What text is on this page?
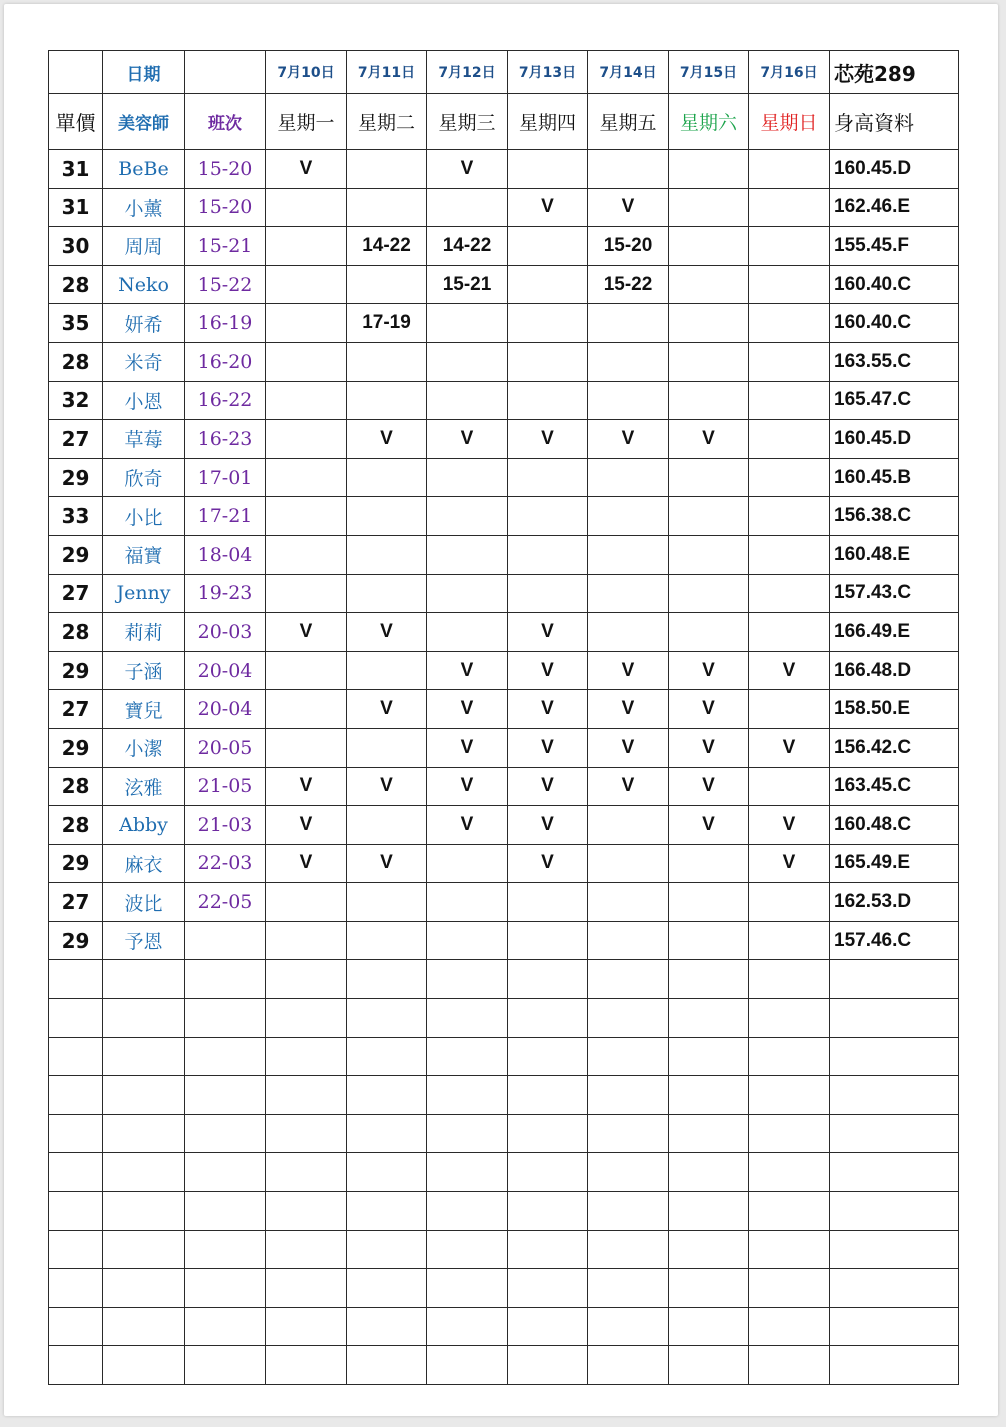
	日期		7月10日	7月11日	7月12日	7月13日	7月14日	7月15日	7月16日	芯苑289
單價	美容師	班次	星期一	星期二	星期三	星期四	星期五	星期六	星期日	身高資料
31	BeBe	15-20	V		V					160.45.D
31	小薰	15-20				V	V			162.46.E
30	周周	15-21		14-22	14-22		15-20			155.45.F
28	Neko	15-22			15-21		15-22			160.40.C
35	妍希	16-19		17-19						160.40.C
28	米奇	16-20								163.55.C
32	小恩	16-22								165.47.C
27	草莓	16-23		V	V	V	V	V		160.45.D
29	欣奇	17-01								160.45.B
33	小比	17-21								156.38.C
29	福寶	18-04								160.48.E
27	Jenny	19-23								157.43.C
28	莉莉	20-03	V	V		V				166.49.E
29	子涵	20-04			V	V	V	V	V	166.48.D
27	寶兒	20-04		V	V	V	V	V		158.50.E
29	小潔	20-05			V	V	V	V	V	156.42.C
28	泫雅	21-05	V	V	V	V	V	V		163.45.C
28	Abby	21-03	V		V	V		V	V	160.48.C
29	麻衣	22-03	V	V		V			V	165.49.E
27	波比	22-05								162.53.D
29	予恩									157.46.C
